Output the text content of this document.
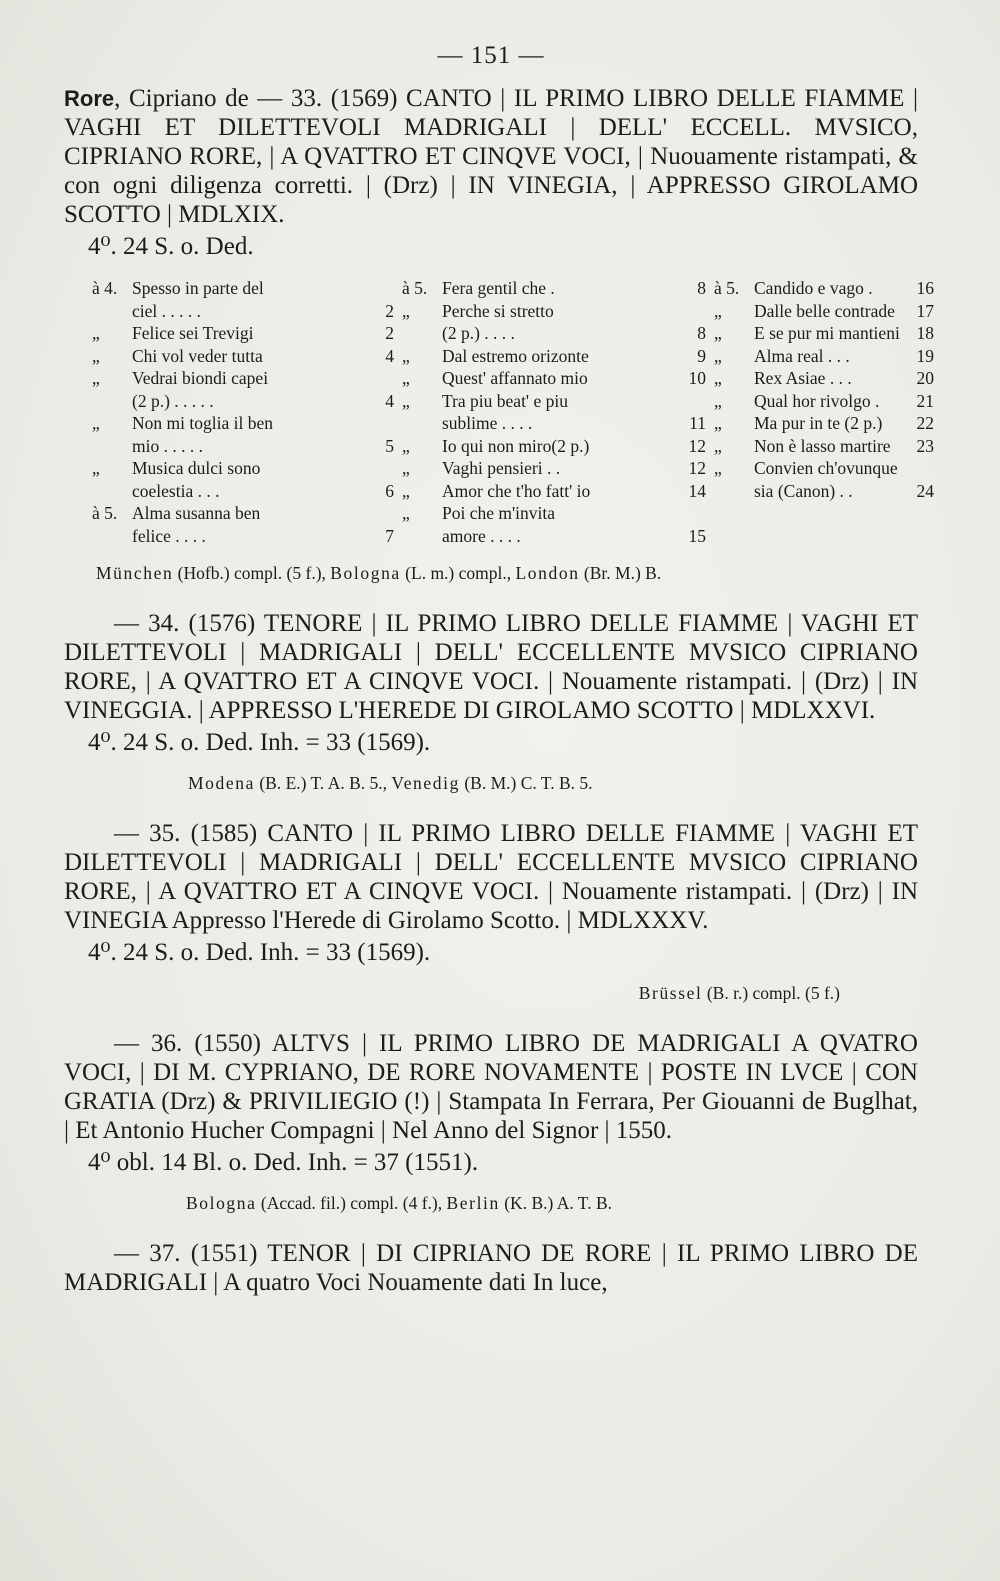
— 151 —

Rore, Cipriano de — 33. (1569) CANTO | IL PRIMO LIBRO DELLE FIAMME | VAGHI ET DILETTEVOLI MADRIGALI | DELL' ECCELL. MVSICO, CIPRIANO RORE, | A QVATTRO ET CINQVE VOCI, | Nuouamente ristampati, & con ogni diligenza corretti. | (Drz) | IN VINEGIA, | APPRESSO GIROLAMO SCOTTO | MDLXIX.

4⁰. 24 S. o. Ded.
à 4. Spesso in parte del
ciel . . . . .	2
„	Felice sei Trevigi	2
„	Chi vol veder tutta	4
„	Vedrai biondi capei
(2 p.) . . . . .	4
„	Non mi toglia il ben
mio . . . . .	5
„	Musica dulci sono
coelestia . . .	6
à 5. Alma susanna ben
felice . . . .	7
à 5. Fera gentil che .	8
„	Perche si stretto
(2 p.) . . . .	8
„	Dal estremo orizonte	9
„	Quest' affannato mio	10
„	Tra piu beat' e piu
sublime . . . .	11
„	Io qui non miro(2 p.)	12
„	Vaghi pensieri . .	12
„	Amor che t'ho fatt' io	14
„	Poi che m'invita
amore . . . .	15
à 5. Candido e vago .	16
„	Dalle belle contrade	17
„	E se pur mi mantieni 18
„	Alma real . . .	19
„	Rex Asiae . . .	20
„	Qual hor rivolgo .	21
„	Ma pur in te (2 p.)	22
„	Non è lasso martire	23
„	Convien ch'ovunque
sia (Canon) . .	24
München (Hofb.) compl. (5 f.), Bologna (L. m.) compl., London (Br. M.) B.

— 34. (1576) TENORE | IL PRIMO LIBRO DELLE FIAMME | VAGHI ET DILETTEVOLI | MADRIGALI | DELL' ECCELLENTE MVSICO CIPRIANO RORE, | A QVATTRO ET A CINQVE VOCI. | Nouamente ristampati. | (Drz) | IN VINEGGIA. | APPRESSO L'HEREDE DI GIROLAMO SCOTTO | MDLXXVI.

4⁰. 24 S. o. Ded. Inh. = 33 (1569).
Modena (B. E.) T. A. B. 5., Venedig (B. M.) C. T. B. 5.

— 35. (1585) CANTO | IL PRIMO LIBRO DELLE FIAMME | VAGHI ET DILETTEVOLI | MADRIGALI | DELL' ECCELLENTE MVSICO CIPRIANO RORE, | A QVATTRO ET A CINQVE VOCI. | Nouamente ristampati. | (Drz) | IN VINEGIA Appresso l'Herede di Girolamo Scotto. | MDLXXXV.

4⁰. 24 S. o. Ded. Inh. = 33 (1569).
Brüssel (B. r.) compl. (5 f.)

— 36. (1550) ALTVS | IL PRIMO LIBRO DE MADRIGALI A QVATRO VOCI, | DI M. CYPRIANO, DE RORE NOVAMENTE | POSTE IN LVCE | CON GRATIA (Drz) & PRIVILIEGIO (!) | Stampata In Ferrara, Per Giouanni de Buglhat, | Et Antonio Hucher Compagni | Nel Anno del Signor | 1550.

4⁰ obl. 14 Bl. o. Ded. Inh. = 37 (1551).
Bologna (Accad. fil.) compl. (4 f.), Berlin (K. B.) A. T. B.

— 37. (1551) TENOR | DI CIPRIANO DE RORE | IL PRIMO LIBRO DE MADRIGALI | A quatro Voci Nouamente dati In luce,
